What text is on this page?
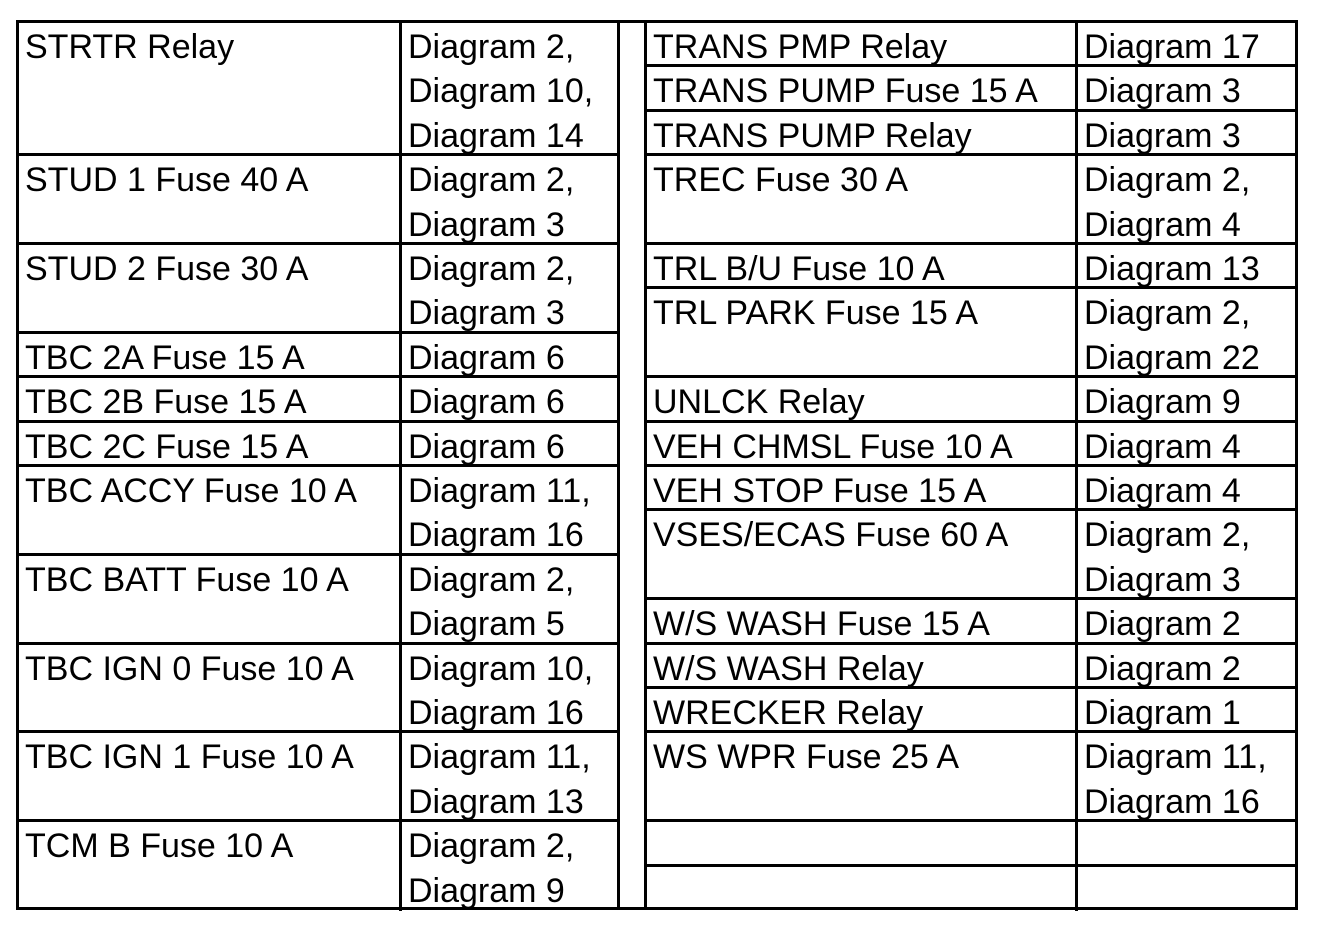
STRTR Relay	Diagram 2,
Diagram 10,
Diagram 14
STUD 1 Fuse 40 A	Diagram 2,
Diagram 3
STUD 2 Fuse 30 A	Diagram 2,
Diagram 3
TBC 2A Fuse 15 A	Diagram 6
TBC 2B Fuse 15 A	Diagram 6
TBC 2C Fuse 15 A	Diagram 6
TBC ACCY Fuse 10 A	Diagram 11,
Diagram 16
TBC BATT Fuse 10 A	Diagram 2,
Diagram 5
TBC IGN 0 Fuse 10 A	Diagram 10,
Diagram 16
TBC IGN 1 Fuse 10 A	Diagram 11,
Diagram 13
TCM B Fuse 10 A	Diagram 2,
Diagram 9
TRANS PMP Relay	Diagram 17
TRANS PUMP Fuse 15 A	Diagram 3
TRANS PUMP Relay	Diagram 3
TREC Fuse 30 A	Diagram 2,
Diagram 4
TRL B/U Fuse 10 A	Diagram 13
TRL PARK Fuse 15 A	Diagram 2,
Diagram 22
UNLCK Relay	Diagram 9
VEH CHMSL Fuse 10 A	Diagram 4
VEH STOP Fuse 15 A	Diagram 4
VSES/ECAS Fuse 60 A	Diagram 2,
Diagram 3
W/S WASH Fuse 15 A	Diagram 2
W/S WASH Relay	Diagram 2
WRECKER Relay	Diagram 1
WS WPR Fuse 25 A	Diagram 11,
Diagram 16
